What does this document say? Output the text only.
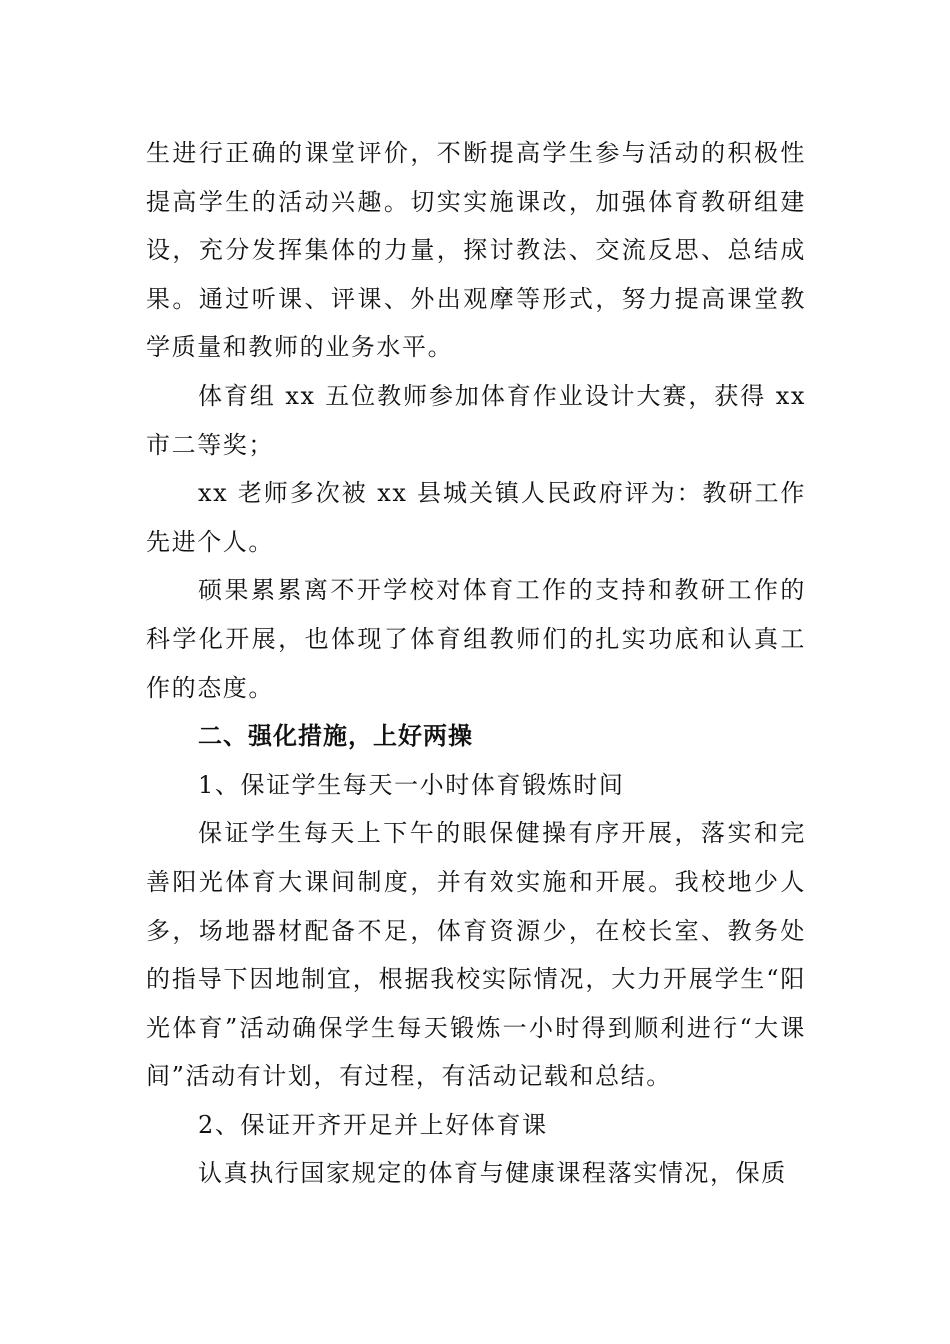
生进行正确的课堂评价，不断提高学生参与活动的积极性提高学生的活动兴趣。切实实施课改，加强体育教研组建设，充分发挥集体的力量，探讨教法、交流反思、总结成果。通过听课、评课、外出观摩等形式，努力提高课堂教学质量和教师的业务水平。

体育组 xx 五位教师参加体育作业设计大赛，获得 xx 市二等奖；

xx 老师多次被 xx 县城关镇人民政府评为：教研工作先进个人。

硕果累累离不开学校对体育工作的支持和教研工作的科学化开展，也体现了体育组教师们的扎实功底和认真工作的态度。

二、强化措施，上好两操

1、保证学生每天一小时体育锻炼时间

保证学生每天上下午的眼保健操有序开展，落实和完善阳光体育大课间制度，并有效实施和开展。我校地少人多，场地器材配备不足，体育资源少，在校长室、教务处的指导下因地制宜，根据我校实际情况，大力开展学生“阳光体育”活动确保学生每天锻炼一小时得到顺利进行“大课间”活动有计划，有过程，有活动记载和总结。

2、保证开齐开足并上好体育课

认真执行国家规定的体育与健康课程落实情况，保质
